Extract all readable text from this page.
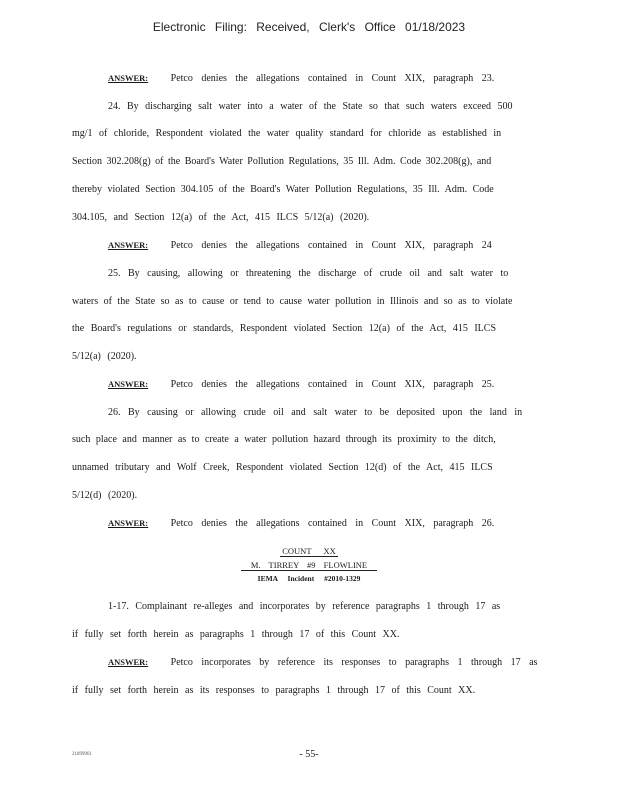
Electronic Filing: Received, Clerk's Office 01/18/2023
ANSWER: Petco denies the allegations contained in Count XIX, paragraph 23.
24. By discharging salt water into a water of the State so that such waters exceed 500
mg/1 of chloride, Respondent violated the water quality standard for chloride as established in
Section 302.208(g) of the Board's Water Pollution Regulations, 35 Ill. Adm. Code 302.208(g), and
thereby violated Section 304.105 of the Board's Water Pollution Regulations, 35 Ill. Adm. Code
304.105, and Section 12(a) of the Act, 415 ILCS 5/12(a) (2020).
ANSWER: Petco denies the allegations contained in Count XIX, paragraph 24
25. By causing, allowing or threatening the discharge of crude oil and salt water to
waters of the State so as to cause or tend to cause water pollution in Illinois and so as to violate
the Board's regulations or standards, Respondent violated Section 12(a) of the Act, 415 ILCS
5/12(a) (2020).
ANSWER: Petco denies the allegations contained in Count XIX, paragraph 25.
26. By causing or allowing crude oil and salt water to be deposited upon the land in
such place and manner as to create a water pollution hazard through its proximity to the ditch,
unnamed tributary and Wolf Creek, Respondent violated Section 12(d) of the Act, 415 ILCS
5/12(d) (2020).
ANSWER: Petco denies the allegations contained in Count XIX, paragraph 26.
COUNT XX
M. TIRREY #9 FLOWLINE
IEMA Incident #2010-1329
1-17. Complainant re-alleges and incorporates by reference paragraphs 1 through 17 as
if fully set forth herein as paragraphs 1 through 17 of this Count XX.
ANSWER: Petco incorporates by reference its responses to paragraphs 1 through 17 as
if fully set forth herein as its responses to paragraphs 1 through 17 of this Count XX.
21899961	- 55-
